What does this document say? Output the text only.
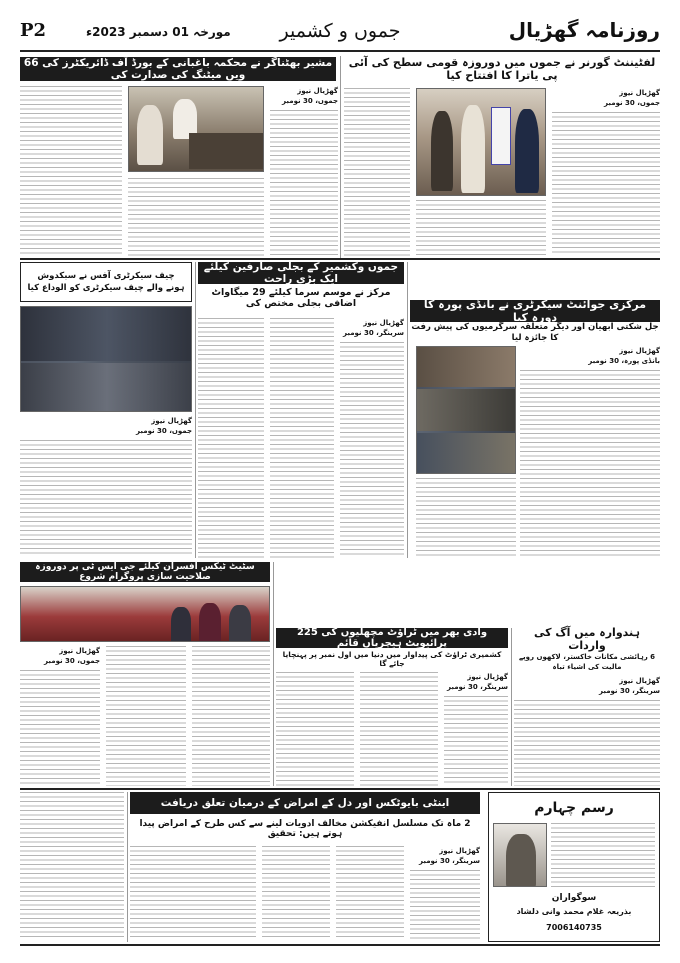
P2	مورخہ 01 دسمبر 2023ء	جموں و کشمیر	روزنامہ گھڑیال
مشیر بھٹناگر نے محکمہ باغبانی کے بورڈ آف ڈائریکٹرز کی 66 ویں میٹنگ کی صدارت کی
لفٹیننٹ گورنر نے جموں میں دوروزہ قومی سطح کی آئی پی یاترا کا افتتاح کیا
گھڑیال نیوز
جموں، 30 نومبر
گھڑیال نیوز
جموں، 30 نومبر
چیف سیکرٹری آفس نے سبکدوش ہونے والے چیف سیکرٹری کو الوداع کیا
جموں وکشمیر کے بجلی صارفین کیلئے ایک بڑی راحت
مرکز نے موسم سرما کیلئے 29 میگاواٹ اضافی بجلی مختص کی	مرکزی جوائنٹ سیکرٹری نے بانڈی پورہ کا دورہ کیا
جل شکتی ابھیان اور دیگر متعلقہ سرگرمیوں کی پیش رفت کا جائزہ لیا
گھڑیال نیوز
جموں، 30 نومبر
گھڑیال نیوز
سرینگر، 30 نومبر
گھڑیال نیوز
بانڈی پورہ، 30 نومبر
سٹیٹ ٹیکس افسران کیلئے جی ایس ٹی پر دوروزہ صلاحیت سازی پروگرام شروع
گھڑیال نیوز
جموں، 30 نومبر
وادی بھر میں ٹراؤٹ مچھلیوں کی 225 پرائیویٹ ہیچریاں قائم
کشمیری ٹراؤٹ کی پیداوار میں دنیا میں اول نمبر پر پہنچایا جائے گا
گھڑیال نیوز
سرینگر، 30 نومبر
ہندوارہ میں آگ کی واردات
6 رہائشی مکانات خاکستر، لاکھوں روپے مالیت کی اشیاء تباہ
گھڑیال نیوز
سرینگر، 30 نومبر
اینٹی بایوٹکس اور دل کے امراض کے درمیان تعلق دریافت
2 ماہ تک مسلسل انفیکشن مخالف ادویات لینے سے کس طرح کے امراض پیدا ہوتے ہیں: تحقیق
گھڑیال نیوز
سرینگر، 30 نومبر
رسم چہارم
سوگواران
بذریعہ غلام محمد وانی دلشاد
7006140735
